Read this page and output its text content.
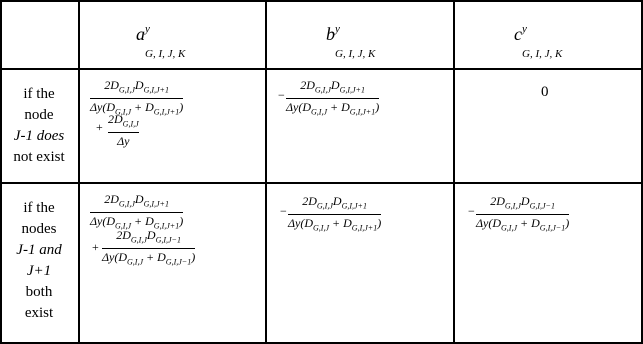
$a^y$
$_{G, I, J, K}$
$b^y$
$_{G, I, J, K}$
$c^y$
$_{G, I, J, K}$
if the
node
J-1 does
not exist
$2D_{G,I,J}D_{G,I,J+1}$
$\Delta y(D_{G,I,J} + D_{G,I,J+1})$
+
$2D_{G,I,J}$
Δy
−
$2D_{G,I,J}D_{G,I,J+1}$
$\Delta y(D_{G,I,J} + D_{G,I,J+1})$
0
if the
nodes
J-1 and
J+1
both
exist
$2D_{G,I,J}D_{G,I,J+1}$
$\Delta y(D_{G,I,J} + D_{G,I,J+1})$
+
$2D_{G,I,J}D_{G,I,J-1}$
$\Delta y(D_{G,I,J} + D_{G,I,J-1})$
−
$2D_{G,I,J}D_{G,I,J+1}$
$\Delta y(D_{G,I,J} + D_{G,I,J+1})$
−
$2D_{G,I,J}D_{G,I,J-1}$
$\Delta y(D_{G,I,J} + D_{G,I,J-1})$
